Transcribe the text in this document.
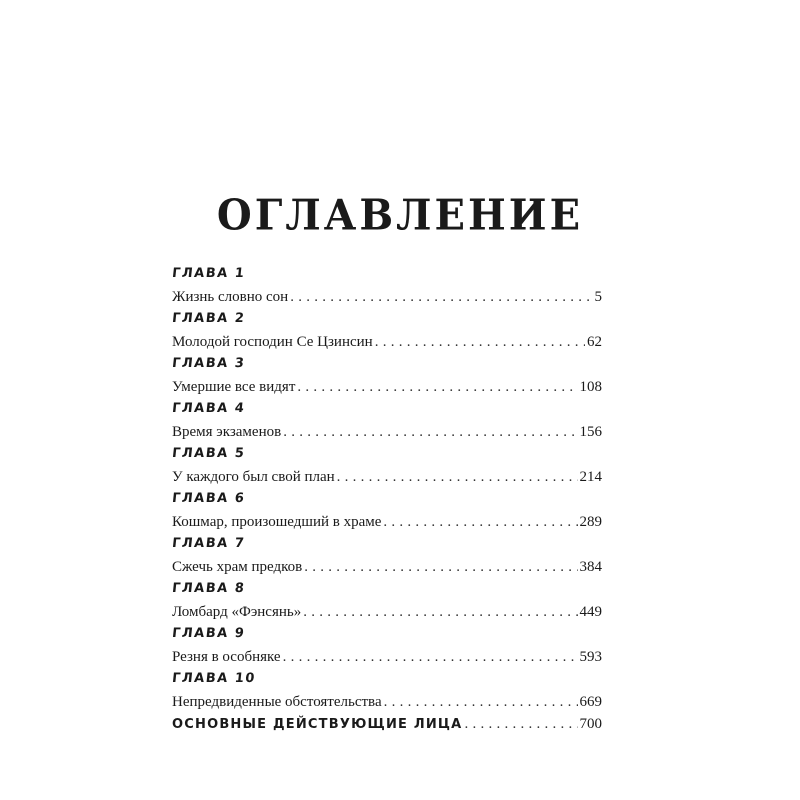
ОГЛАВЛЕНИЕ
ГЛАВА 1
Жизнь словно сон . . .	5
ГЛАВА 2
Молодой господин Се Цзинсин . . .	62
ГЛАВА 3
Умершие все видят . . .	108
ГЛАВА 4
Время экзаменов . . .	156
ГЛАВА 5
У каждого был свой план . . .	214
ГЛАВА 6
Кошмар, произошедший в храме . . .	289
ГЛАВА 7
Сжечь храм предков . . .	384
ГЛАВА 8
Ломбард «Фэнсянь» . . .	449
ГЛАВА 9
Резня в особняке . . .	593
ГЛАВА 10
Непредвиденные обстоятельства . . .	669
ОСНОВНЫЕ ДЕЙСТВУЮЩИЕ ЛИЦА . . .	700
